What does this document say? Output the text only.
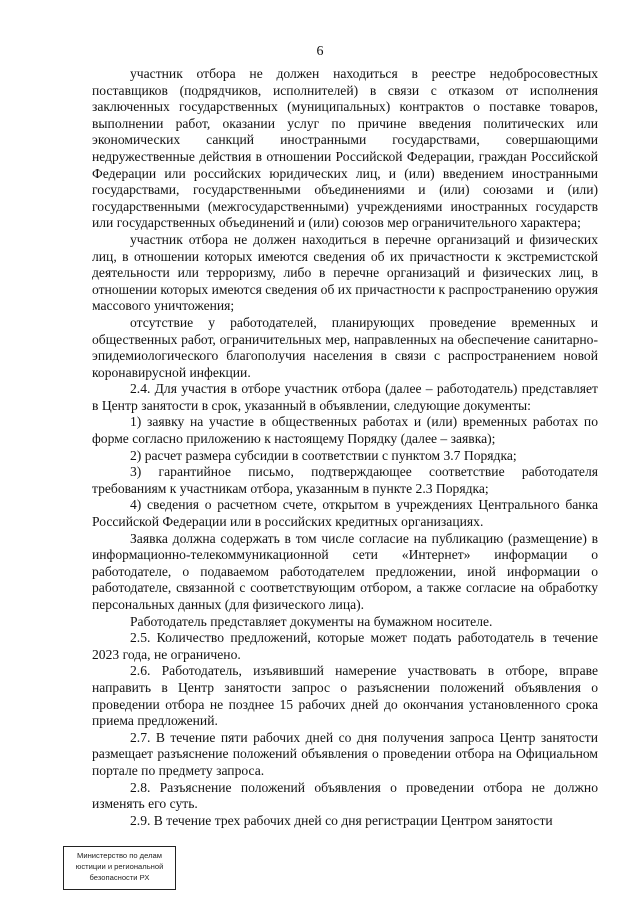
6

участник отбора не должен находиться в реестре недобросовестных поставщиков (подрядчиков, исполнителей) в связи с отказом от исполнения заключенных государственных (муниципальных) контрактов о поставке товаров, выполнении работ, оказании услуг по причине введения политических или экономических санкций иностранными государствами, совершающими недружественные действия в отношении Российской Федерации, граждан Российской Федерации или российских юридических лиц, и (или) введением иностранными государствами, государственными объединениями и (или) союзами и (или) государственными (межгосударственными) учреждениями иностранных государств или государственных объединений и (или) союзов мер ограничительного характера;

участник отбора не должен находиться в перечне организаций и физических лиц, в отношении которых имеются сведения об их причастности к экстремистской деятельности или терроризму, либо в перечне организаций и физических лиц, в отношении которых имеются сведения об их причастности к распространению оружия массового уничтожения;

отсутствие у работодателей, планирующих проведение временных и общественных работ, ограничительных мер, направленных на обеспечение санитарно-эпидемиологического благополучия населения в связи с распространением новой коронавирусной инфекции.

2.4. Для участия в отборе участник отбора (далее – работодатель) представляет в Центр занятости в срок, указанный в объявлении, следующие документы:

1) заявку на участие в общественных работах и (или) временных работах по форме согласно приложению к настоящему Порядку (далее – заявка);

2) расчет размера субсидии в соответствии с пунктом 3.7 Порядка;

3) гарантийное письмо, подтверждающее соответствие работодателя требованиям к участникам отбора, указанным в пункте 2.3 Порядка;

4) сведения о расчетном счете, открытом в учреждениях Центрального банка Российской Федерации или в российских кредитных организациях.

Заявка должна содержать в том числе согласие на публикацию (размещение) в информационно-телекоммуникационной сети «Интернет» информации о работодателе, о подаваемом работодателем предложении, иной информации о работодателе, связанной с соответствующим отбором, а также согласие на обработку персональных данных (для физического лица).

Работодатель представляет документы на бумажном носителе.

2.5. Количество предложений, которые может подать работодатель в течение 2023 года, не ограничено.

2.6. Работодатель, изъявивший намерение участвовать в отборе, вправе направить в Центр занятости запрос о разъяснении положений объявления о проведении отбора не позднее 15 рабочих дней до окончания установленного срока приема предложений.

2.7. В течение пяти рабочих дней со дня получения запроса Центр занятости размещает разъяснение положений объявления о проведении отбора на Официальном портале по предмету запроса.

2.8. Разъяснение положений объявления о проведении отбора не должно изменять его суть.

2.9. В течение трех рабочих дней со дня регистрации Центром занятости

Министерство по делам
юстиции и региональной
безопасности РХ
